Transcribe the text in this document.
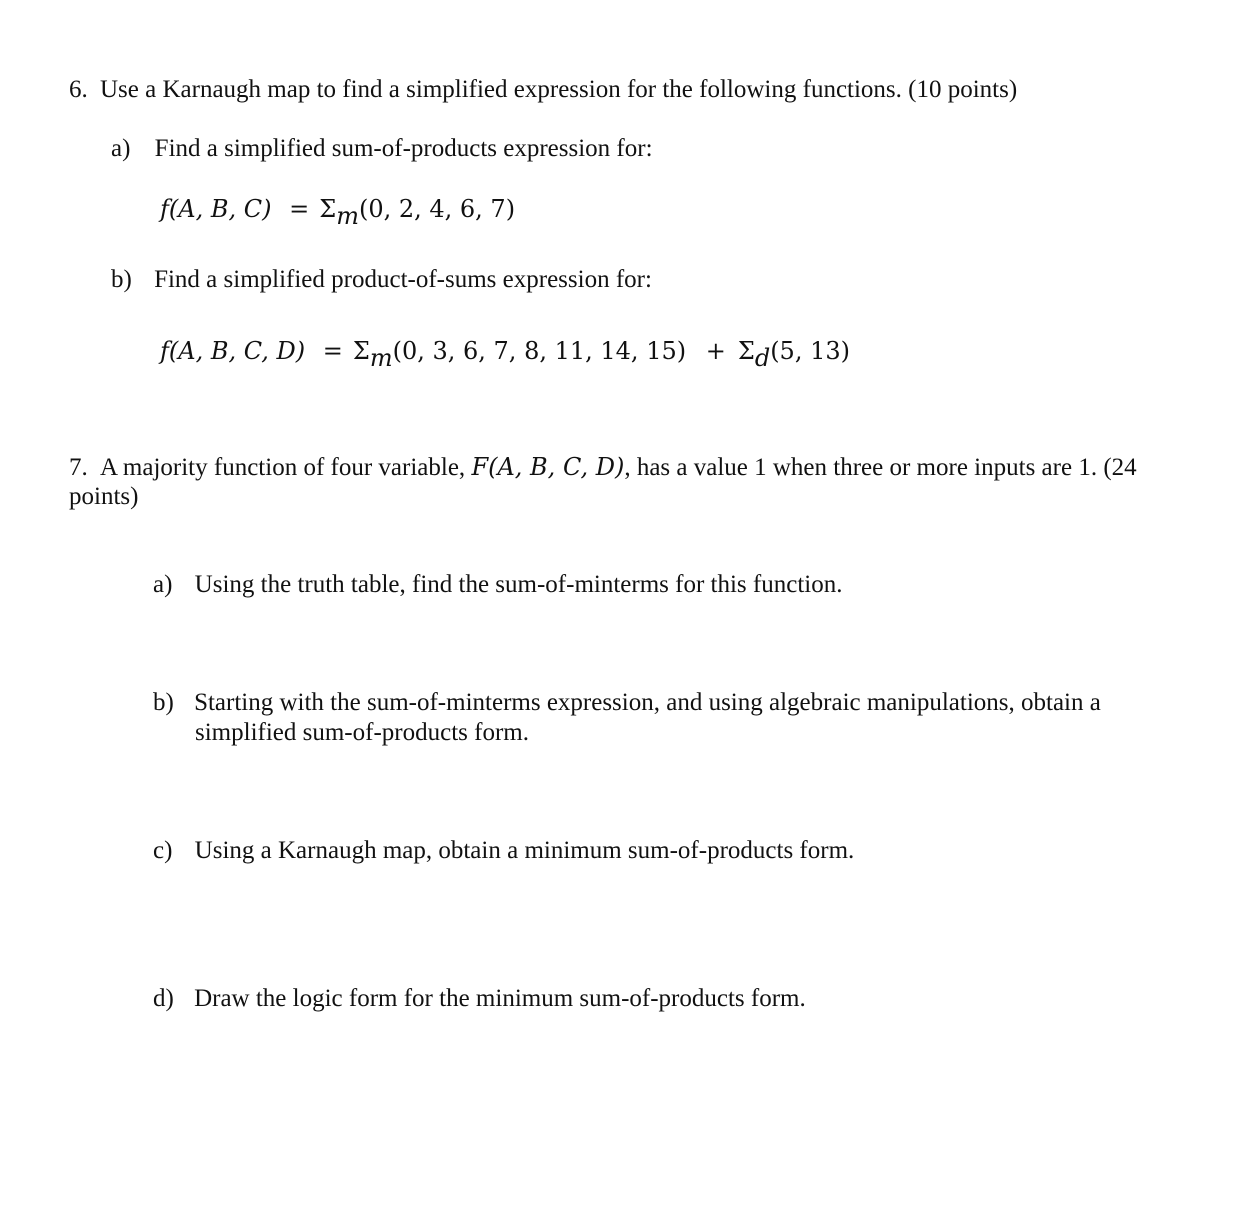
6. Use a Karnaugh map to find a simplified expression for the following functions. (10 points)
a) Find a simplified sum-of-products expression for:
f(A, B, C) = Σm(0, 2, 4, 6, 7)
b) Find a simplified product-of-sums expression for:
f(A, B, C, D) = Σm(0, 3, 6, 7, 8, 11, 14, 15) + Σd(5, 13)
7. A majority function of four variable, F(A, B, C, D), has a value 1 when three or more inputs are 1. (24
points)
a) Using the truth table, find the sum-of-minterms for this function.
b) Starting with the sum-of-minterms expression, and using algebraic manipulations, obtain a
simplified sum-of-products form.
c) Using a Karnaugh map, obtain a minimum sum-of-products form.
d) Draw the logic form for the minimum sum-of-products form.
